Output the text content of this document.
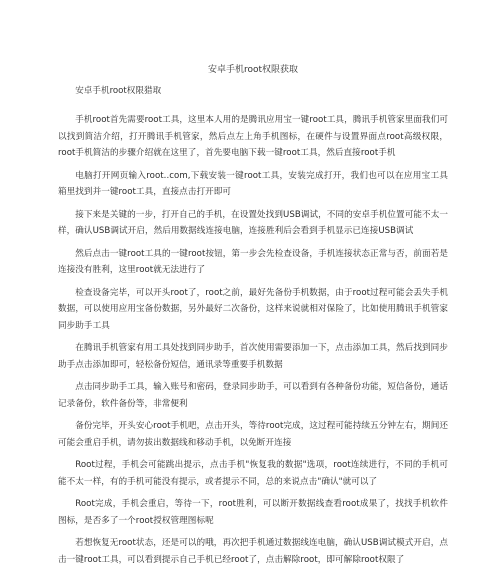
安卓手机root权限获取
安卓手机root权限猎取

手机root首先需要root工具，这里本人用的是腾讯应用宝一键root工具，腾讯手机管家里面我们可以找到简洁介绍，打开腾讯手机管家，然后点左上角手机图标，在硬件与设置界面点root高级权限，root手机简洁的步骤介绍就在这里了，首先要电脑下载一键root工具，然后直接root手机

电脑打开网页输入root..com,下载安装一键root工具，安装完成打开，我们也可以在应用宝工具箱里找到并一键root工具，直接点击打开即可

接下来是关键的一步，打开自己的手机，在设置处找到USB调试，不同的安卓手机位置可能不太一样，确认USB调试开启，然后用数据线连接电脑，连接胜利后会看到手机显示已连接USB调试

然后点击一键root工具的一键root按钮，第一步会先检查设备，手机连接状态正常与否，前面若是连接没有胜利，这里root就无法进行了

检查设备完毕，可以开头root了，root之前，最好先备份手机数据，由于root过程可能会丢失手机数据，可以使用应用宝备份数据，另外最好二次备份，这样来说就相对保险了，比如使用腾讯手机管家同步助手工具

在腾讯手机管家有用工具处找到同步助手，首次使用需要添加一下，点击添加工具，然后找到同步助手点击添加即可，轻松备份短信，通讯录等重要手机数据

点击同步助手工具，输入账号和密码，登录同步助手，可以看到有各种备份功能，短信备份，通话记录备份，软件备份等，非常便利

备份完毕，开头安心root手机吧，点击开头，等待root完成，这过程可能持续五分钟左右，期间还可能会重启手机，请勿拔出数据线和移动手机，以免断开连接

Root过程，手机会可能跳出提示，点击手机"恢复我的数据"选项，root连续进行，不同的手机可能不太一样，有的手机可能没有提示，或者提示不同，总的来说点击"确认"就可以了

Root完成，手机会重启，等待一下，root胜利，可以断开数据线查看root成果了，找找手机软件图标，是否多了一个root授权管理图标呢

若想恢复无root状态，还是可以的哦，再次把手机通过数据线连电脑，确认USB调试模式开启，点击一键root工具，可以看到提示自己手机已经root了，点击解除root，即可解除root权限了
